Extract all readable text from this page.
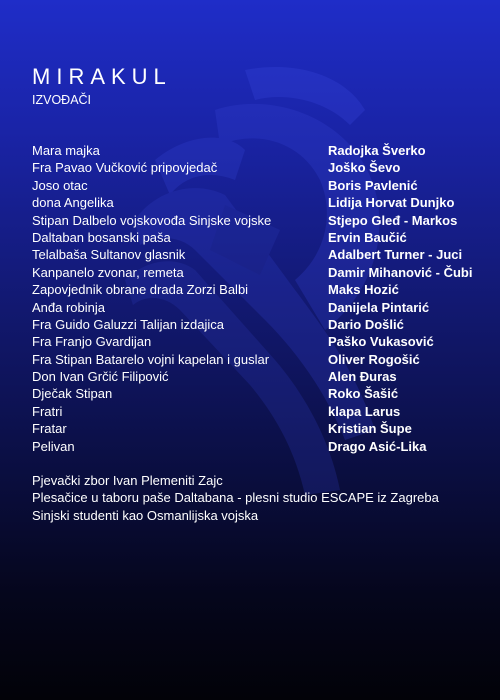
MIRAKUL
IZVOĐAČI
Mara majka	Radojka Šverko
Fra Pavao Vučković pripovjedač	Joško Ševo
Joso otac	Boris Pavlenić
dona Angelika	Lidija Horvat Dunjko
Stipan Dalbelo vojskovođa Sinjske vojske	Stjepo Gleđ - Markos
Daltaban bosanski paša	Ervin Baučić
Telalbaša Sultanov glasnik	Adalbert Turner - Juci
Kanpanelo zvonar, remeta	Damir Mihanović - Čubi
Zapovjednik obrane drada Zorzi Balbi	Maks Hozić
Anđa robinja	Danijela Pintarić
Fra Guido Galuzzi Talijan izdajica	Dario Došlić
Fra Franjo Gvardijan	Paško Vukasović
Fra Stipan Batarelo vojni kapelan i guslar	Oliver Rogošić
Don Ivan Grčić Filipović	Alen Đuras
Dječak Stipan	Roko Šašić
Fratri	klapa Larus
Fratar	Kristian Šupe
Pelivan	Drago Asić-Lika
Pjevački zbor Ivan Plemeniti Zajc
Plesačice u taboru paše Daltabana - plesni studio ESCAPE iz Zagreba
Sinjski studenti kao Osmanlijska vojska
